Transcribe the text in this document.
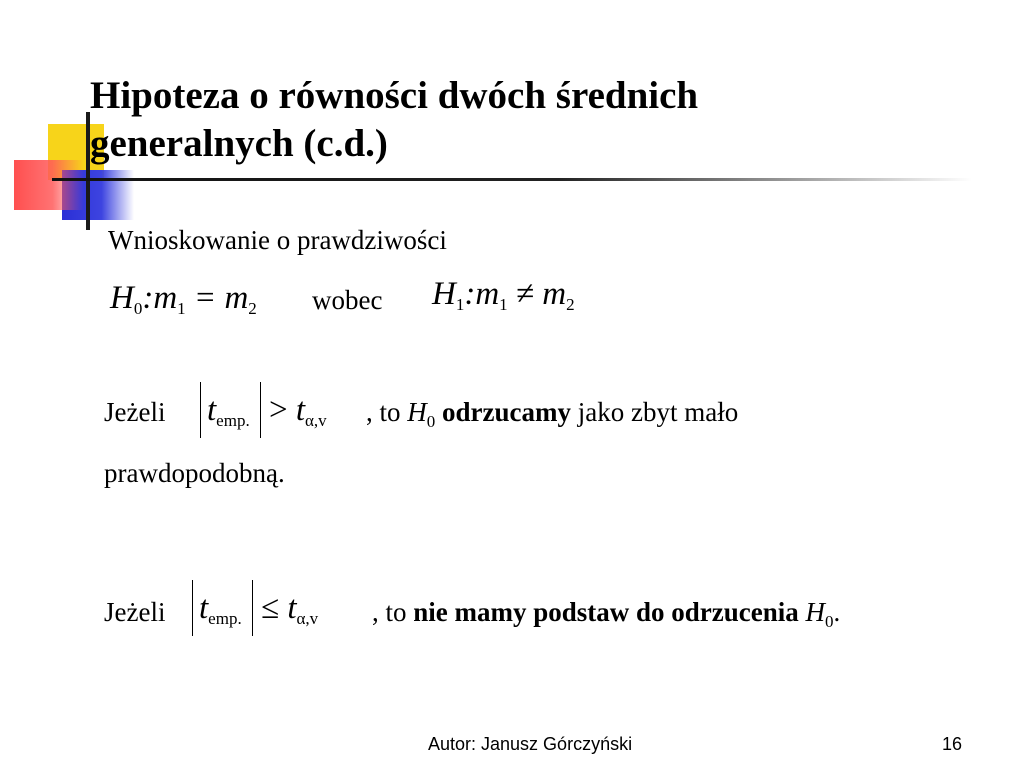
Hipoteza o równości dwóch średnich
generalnych (c.d.)
Wnioskowanie o prawdziwości
$H_0:m_1 = m_2$ wobec $H_1:m_1 \ne m_2$
Jeżeli $t_{emp.} > t_{\alpha,v}$ , to $H_0$ odrzucamy jako zbyt mało
prawdopodobną.
Jeżeli $t_{emp.} \le t_{\alpha,v}$ , to nie mamy podstaw do odrzucenia $H_0$.
Autor: Janusz Górczyński	16
